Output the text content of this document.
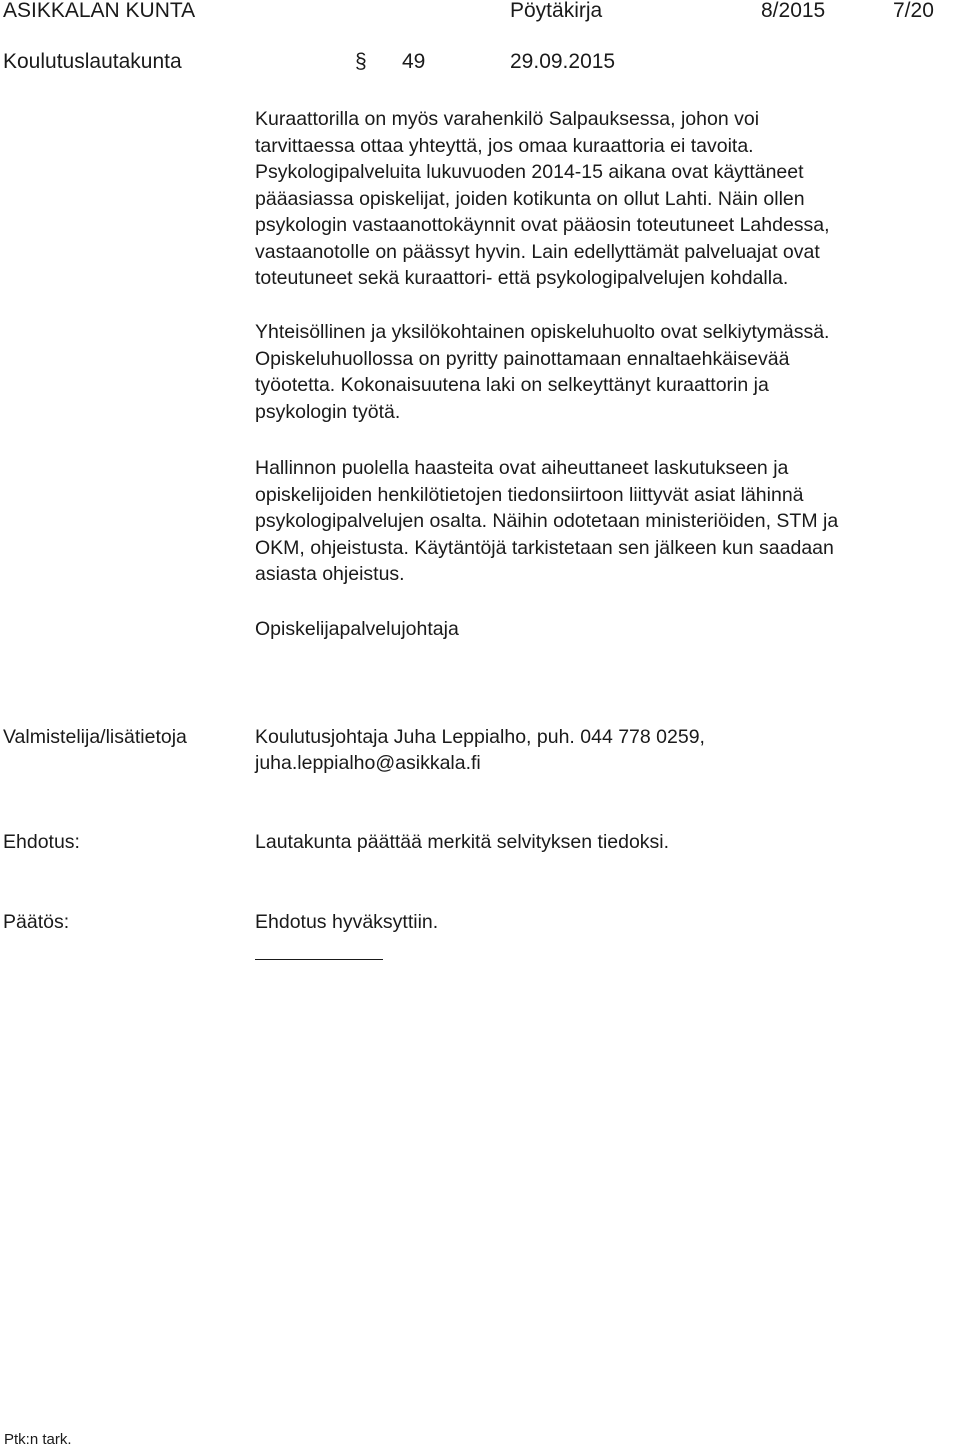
ASIKKALAN KUNTA	Pöytäkirja	8/2015	7/20
Koulutuslautakunta	§ 49	29.09.2015
Kuraattorilla on myös varahenkilö Salpauksessa, johon voi
tarvittaessa ottaa yhteyttä, jos omaa kuraattoria ei tavoita.
Psykologipalveluita lukuvuoden 2014-15 aikana ovat käyttäneet
pääasiassa opiskelijat, joiden kotikunta on ollut Lahti. Näin ollen
psykologin vastaanottokäynnit ovat pääosin toteutuneet Lahdessa,
vastaanotolle on päässyt hyvin. Lain edellyttämät palveluajat ovat
toteutuneet sekä kuraattori- että psykologipalvelujen kohdalla.
Yhteisöllinen ja yksilökohtainen opiskeluhuolto ovat selkiytymässä.
Opiskeluhuollossa on pyritty painottamaan ennaltaehkäisevää
työotetta. Kokonaisuutena laki on selkeyttänyt kuraattorin ja
psykologin työtä.
Hallinnon puolella haasteita ovat aiheuttaneet laskutukseen ja
opiskelijoiden henkilötietojen tiedonsiirtoon liittyvät asiat lähinnä
psykologipalvelujen osalta. Näihin odotetaan ministeriöiden, STM ja
OKM, ohjeistusta. Käytäntöjä tarkistetaan sen jälkeen kun saadaan
asiasta ohjeistus.
Opiskelijapalvelujohtaja
Valmistelija/lisätietoja	Koulutusjohtaja Juha Leppialho, puh. 044 778 0259,
juha.leppialho@asikkala.fi
Ehdotus:	Lautakunta päättää merkitä selvityksen tiedoksi.
Päätös:	Ehdotus hyväksyttiin.
Ptk:n tark.
